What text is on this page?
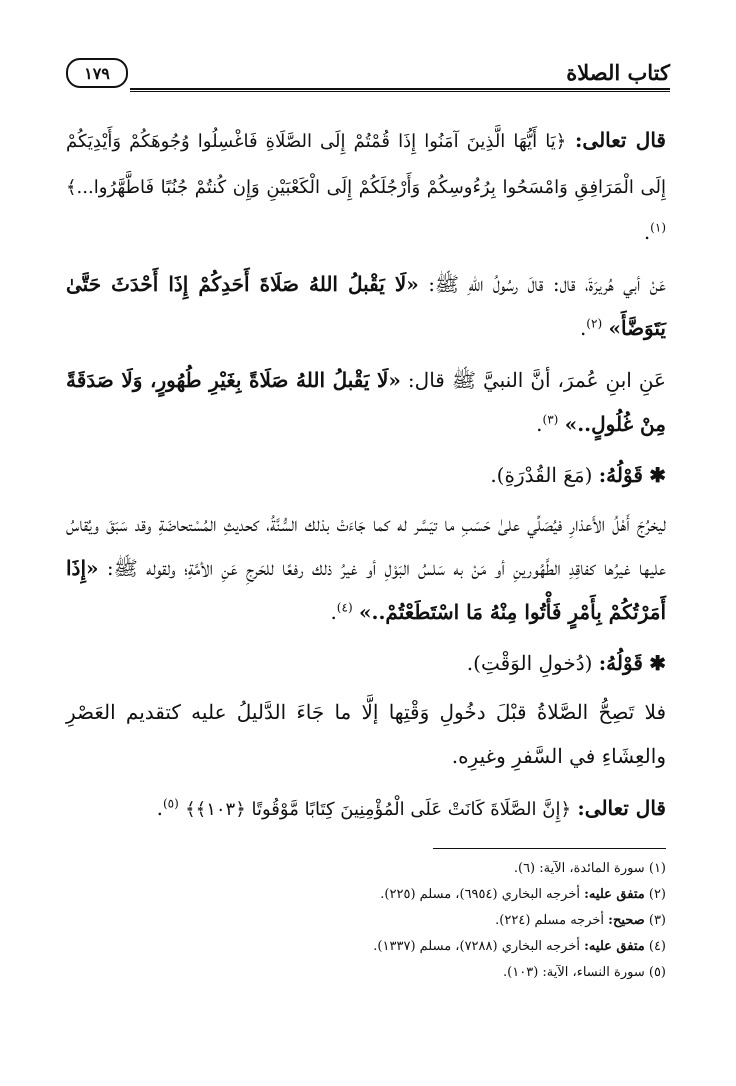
كتاب الصلاة
١٧٩

قال تعالى: ﴿يَا أَيُّهَا الَّذِينَ آمَنُوا إِذَا قُمْتُمْ إِلَى الصَّلَاةِ فَاغْسِلُوا وُجُوهَكُمْ وَأَيْدِيَكُمْ إِلَى الْمَرَافِقِ وَامْسَحُوا بِرُءُوسِكُمْ وَأَرْجُلَكُمْ إِلَى الْكَعْبَيْنِ وَإِن كُنتُمْ جُنُبًا فَاطَّهَّرُوا...﴾ $^{(١)}$.

عَنْ أبي هُريرَةَ، قال: قالَ رسُولُ اللهِ ﷺ: «لَا يَقْبلُ اللهُ صَلَاةَ أَحَدِكُمْ إِذَا أَحْدَثَ حَتَّىٰ يَتَوَضَّأَ» $^{(٢)}$.

عَنِ ابنِ عُمرَ، أنَّ النبيَّ ﷺ قال: «لَا يَقْبلُ اللهُ صَلَاةً بِغَيْرِ طُهُورٍ، وَلَا صَدَقَةً مِنْ غُلُولٍ..» $^{(٣)}$.

✱ قَوْلُهُ: (مَعَ القُدْرَةِ).

ليخرُجَ أَهْلُ الأَعذارِ فيُصَلِّي علىٰ حَسَبِ ما تيَسَّر له كما جَاءَتْ بذلك السُّنَّةُ، كحديثِ المُسْتحاضَةِ وقد سَبَقَ ويُقاسُ عليها غيرُها كفاقِدِ الطَّهُورينِ أو مَنْ به سَلسُ البَوْلِ أو غيرُ ذلك رفعًا للحَرجِ عَنِ الأمَّةِ؛ ولقوله ﷺ: «إِذَا أَمَرْتُكُمْ بِأَمْرٍ فَأْتُوا مِنْهُ مَا اسْتَطَعْتُمْ..» $^{(٤)}$.

✱ قَوْلُهُ: (دُخولِ الوَقْتِ).

فلا تَصِحُّ الصَّلاةُ قبْلَ دخُولِ وَقْتِها إلَّا ما جَاءَ الدَّليلُ عليه كتقديم العَصْرِ والعِشَاءِ في السَّفرِ وغيرِه.

قال تعالى: ﴿إِنَّ الصَّلَاةَ كَانَتْ عَلَى الْمُؤْمِنِينَ كِتَابًا مَّوْقُوتًا ﴿١٠٣﴾﴾ $^{(٥)}$.

(١) سورة المائدة، الآية: (٦).
(٢) متفق عليه: أخرجه البخاري (٦٩٥٤)، مسلم (٢٢٥).
(٣) صحيح: أخرجه مسلم (٢٢٤).
(٤) متفق عليه: أخرجه البخاري (٧٢٨٨)، مسلم (١٣٣٧).
(٥) سورة النساء، الآية: (١٠٣).
